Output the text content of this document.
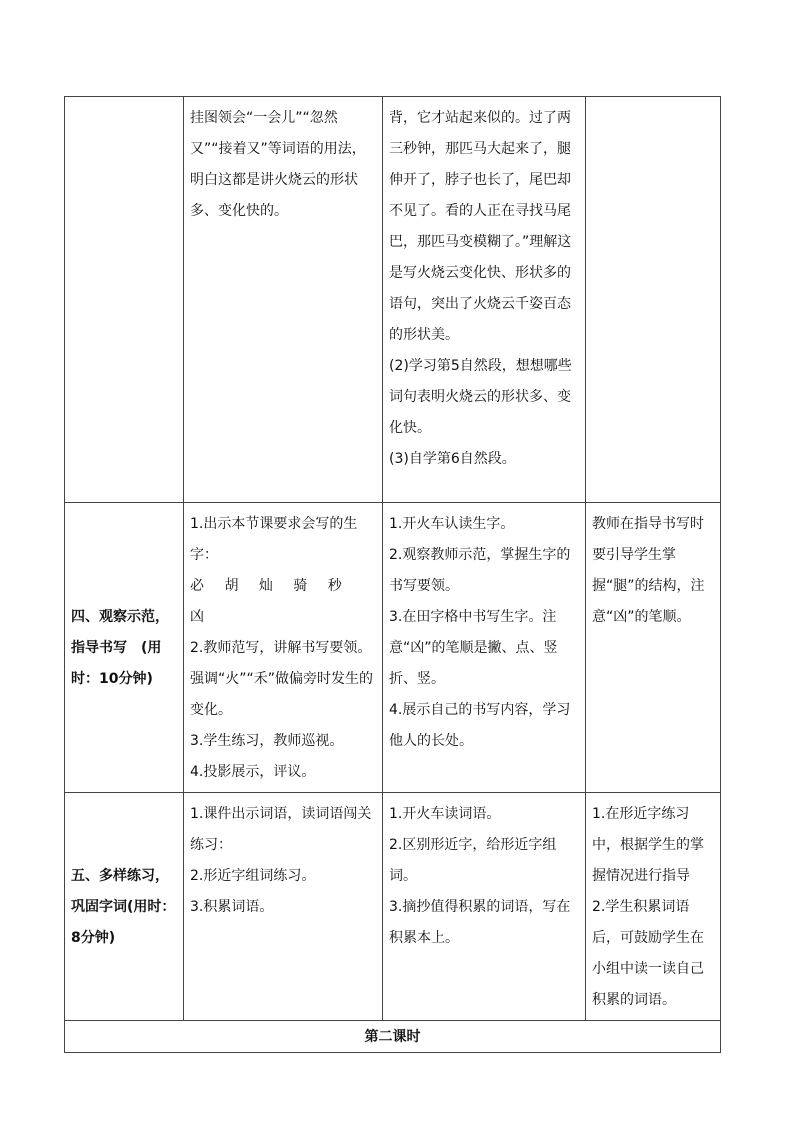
	挂图领会“一会儿”“忽然又”“接着又”等词语的用法，明白这都是讲火烧云的形状多、变化快的。	背，它才站起来似的。过了两三秒钟，那匹马大起来了，腿伸开了，脖子也长了，尾巴却不见了。看的人正在寻找马尾巴，那匹马变模糊了。”理解这是写火烧云变化快、形状多的语句，突出了火烧云千姿百态的形状美。
(2)学习第5自然段，想想哪些词句表明火烧云的形状多、变化快。
(3)自学第6自然段。	

四、观察示范，指导书写　(用时：10分钟)	1.出示本节课要求会写的生字：
必 胡 灿 骑 秒 凶
2.教师范写，讲解书写要领。强调“火”“禾”做偏旁时发生的变化。
3.学生练习，教师巡视。
4.投影展示，评议。	1.开火车认读生字。
2.观察教师示范，掌握生字的书写要领。
3.在田字格中书写生字。注意“凶”的笔顺是撇、点、竖折、竖。
4.展示自己的书写内容，学习他人的长处。	教师在指导书写时要引导学生掌握“腿”的结构，注意“凶”的笔顺。

五、多样练习，巩固字词(用时：8分钟)	1.课件出示词语，读词语闯关练习：
2.形近字组词练习。
3.积累词语。	1.开火车读词语。
2.区别形近字，给形近字组词。
3.摘抄值得积累的词语，写在积累本上。	1.在形近字练习中，根据学生的掌握情况进行指导
2.学生积累词语后，可鼓励学生在小组中读一读自己积累的词语。

第二课时			
